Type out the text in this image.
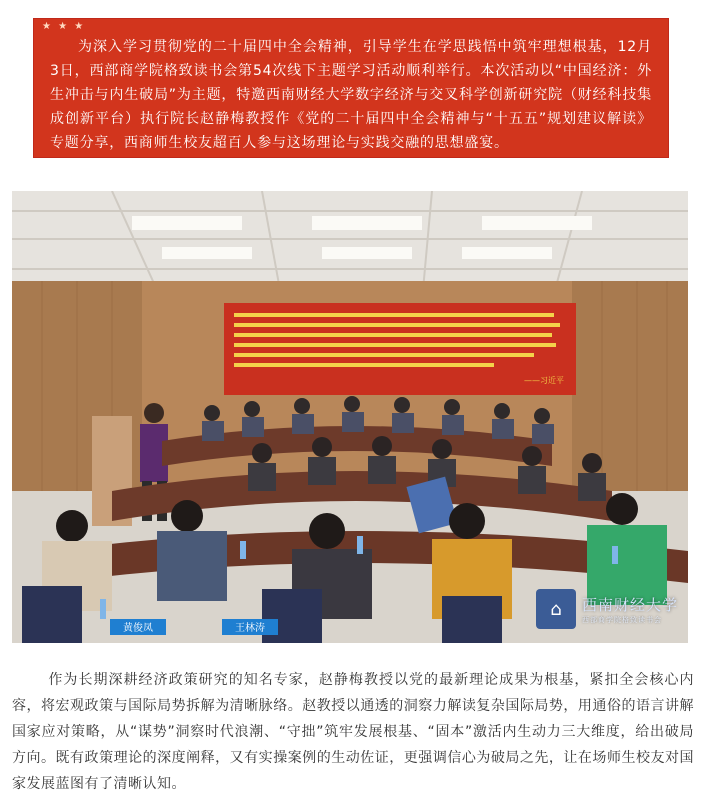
★ ★ ★

为深入学习贯彻党的二十届四中全会精神，引导学生在学思践悟中筑牢理想根基，12月3日，西部商学院格致读书会第54次线下主题学习活动顺利举行。本次活动以“中国经济：外生冲击与内生破局”为主题，特邀西南财经大学数字经济与交叉科学创新研究院（财经科技集成创新平台）执行院长赵静梅教授作《党的二十届四中全会精神与“十五五”规划建议解读》专题分享，西商师生校友超百人参与这场理论与实践交融的思想盛宴。

——习近平
黄俊凤	王林涛
⌂	西南财经大学
西部商学院格致读书会

作为长期深耕经济政策研究的知名专家，赵静梅教授以党的最新理论成果为根基，紧扣全会核心内容，将宏观政策与国际局势拆解为清晰脉络。赵教授以通透的洞察力解读复杂国际局势，用通俗的语言讲解国家应对策略，从“谋势”洞察时代浪潮、“守拙”筑牢发展根基、“固本”激活内生动力三大维度，给出破局方向。既有政策理论的深度阐释，又有实操案例的生动佐证，更强调信心为破局之先，让在场师生校友对国家发展蓝图有了清晰认知。
